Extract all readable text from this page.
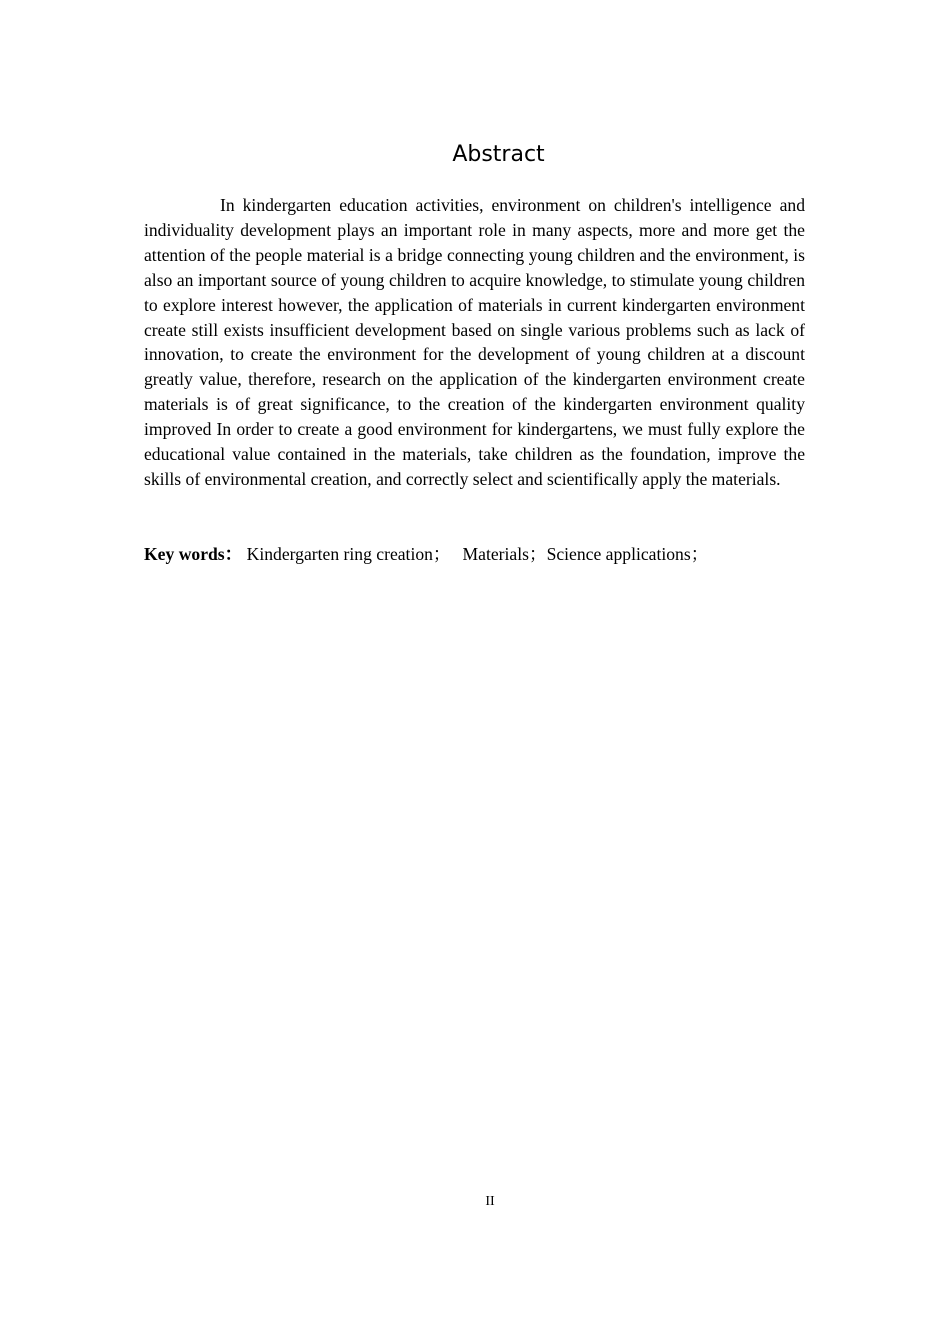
Abstract

In kindergarten education activities, environment on children's intelligence and individuality development plays an important role in many aspects, more and more get the attention of the people material is a bridge connecting young children and the environment, is also an important source of young children to acquire knowledge, to stimulate young children to explore interest however, the application of materials in current kindergarten environment create still exists insufficient development based on single various problems such as lack of innovation, to create the environment for the development of young children at a discount greatly value, therefore, research on the application of the kindergarten environment create materials is of great significance, to the creation of the kindergarten environment quality improved In order to create a good environment for kindergartens, we must fully explore the educational value contained in the materials, take children as the foundation, improve the skills of environmental creation, and correctly select and scientifically apply the materials.

Key words： Kindergarten ring creation； Materials；Science applications；
II
